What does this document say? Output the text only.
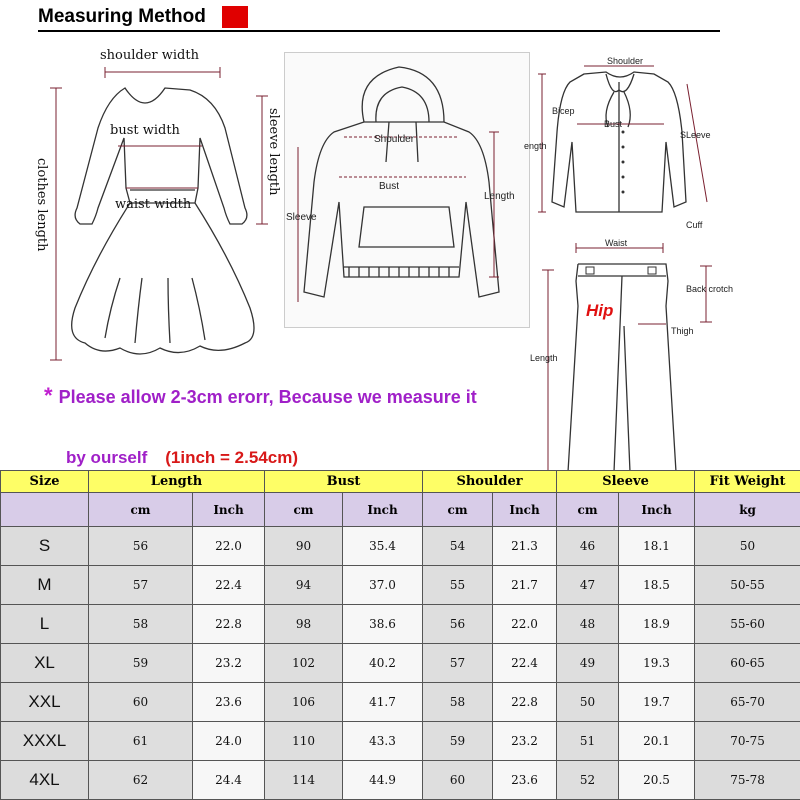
Measuring Method
shoulder width
bust width
waist width
sleeve length
clothes length
Shoulder
Bust
Length
Sleeve
Shoulder
Bicep
Bust
SLeeve
ength
Cuff
Waist
Back crotch
Hip
Thigh
Length
* Please allow 2-3cm erorr, Because we measure it
by ourself (1inch = 2.54cm)
Size	Length		Bust		Shoulder		Sleeve		Fit Weight
	cm	Inch	cm	Inch	cm	Inch	cm	Inch	kg
S	56	22.0	90	35.4	54	21.3	46	18.1	50
M	57	22.4	94	37.0	55	21.7	47	18.5	50-55
L	58	22.8	98	38.6	56	22.0	48	18.9	55-60
XL	59	23.2	102	40.2	57	22.4	49	19.3	60-65
XXL	60	23.6	106	41.7	58	22.8	50	19.7	65-70
XXXL	61	24.0	110	43.3	59	23.2	51	20.1	70-75
4XL	62	24.4	114	44.9	60	23.6	52	20.5	75-78
